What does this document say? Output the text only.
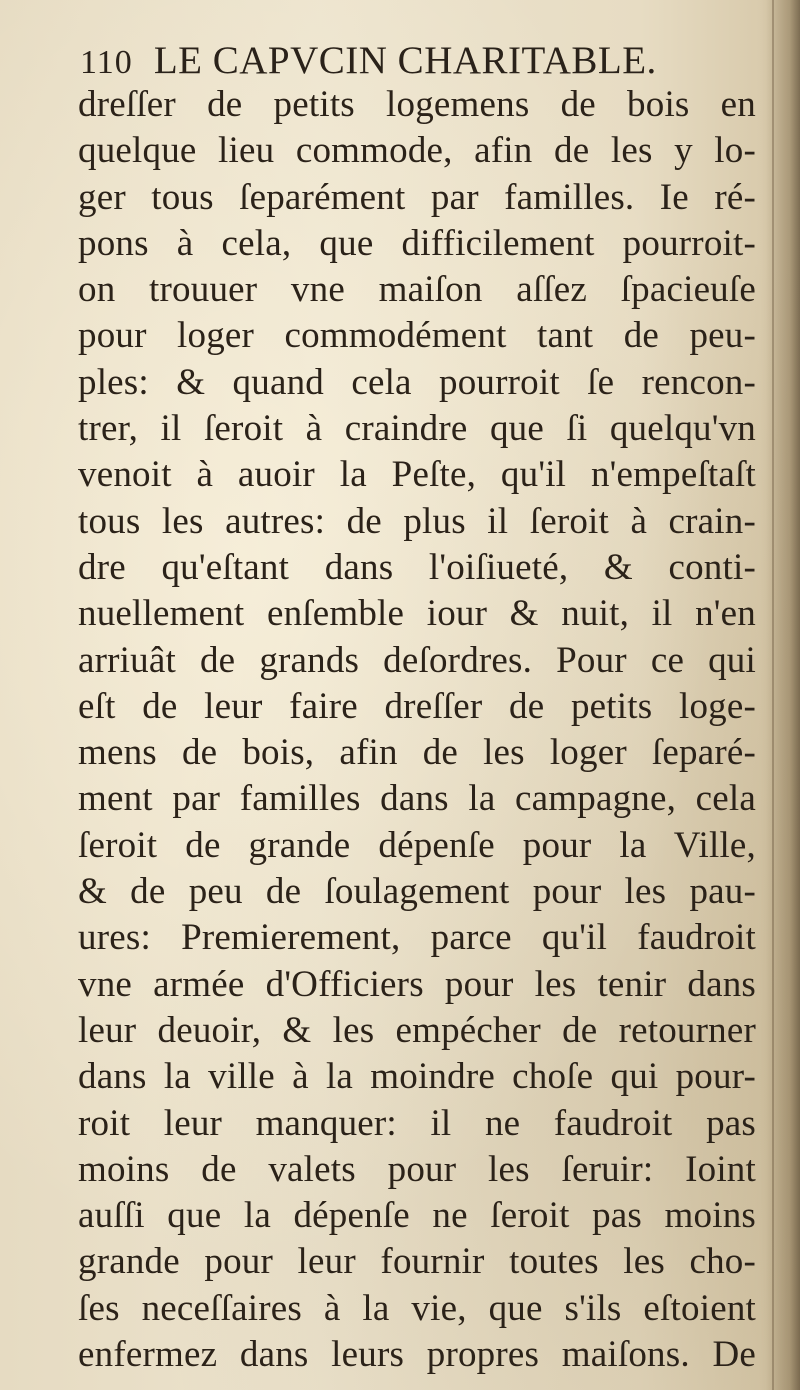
110 LE CAPVCIN CHARITABLE.
dreſſer de petits logemens de bois en
quelque lieu commode, afin de les y lo-
ger tous ſeparément par familles. Ie ré-
pons à cela, que difficilement pourroit-
on trouuer vne maiſon aſſez ſpacieuſe
pour loger commodément tant de peu-
ples: & quand cela pourroit ſe rencon-
trer, il ſeroit à craindre que ſi quelqu'vn
venoit à auoir la Peſte, qu'il n'empeſtaſt
tous les autres: de plus il ſeroit à crain-
dre qu'eſtant dans l'oiſiueté, & conti-
nuellement enſemble iour & nuit, il n'en
arriuât de grands deſordres. Pour ce qui
eſt de leur faire dreſſer de petits loge-
mens de bois, afin de les loger ſeparé-
ment par familles dans la campagne, cela
ſeroit de grande dépenſe pour la Ville,
& de peu de ſoulagement pour les pau-
ures: Premierement, parce qu'il faudroit
vne armée d'Officiers pour les tenir dans
leur deuoir, & les empécher de retourner
dans la ville à la moindre choſe qui pour-
roit leur manquer: il ne faudroit pas
moins de valets pour les ſeruir: Ioint
auſſi que la dépenſe ne ſeroit pas moins
grande pour leur fournir toutes les cho-
ſes neceſſaires à la vie, que s'ils eſtoient
enfermez dans leurs propres maiſons. De
